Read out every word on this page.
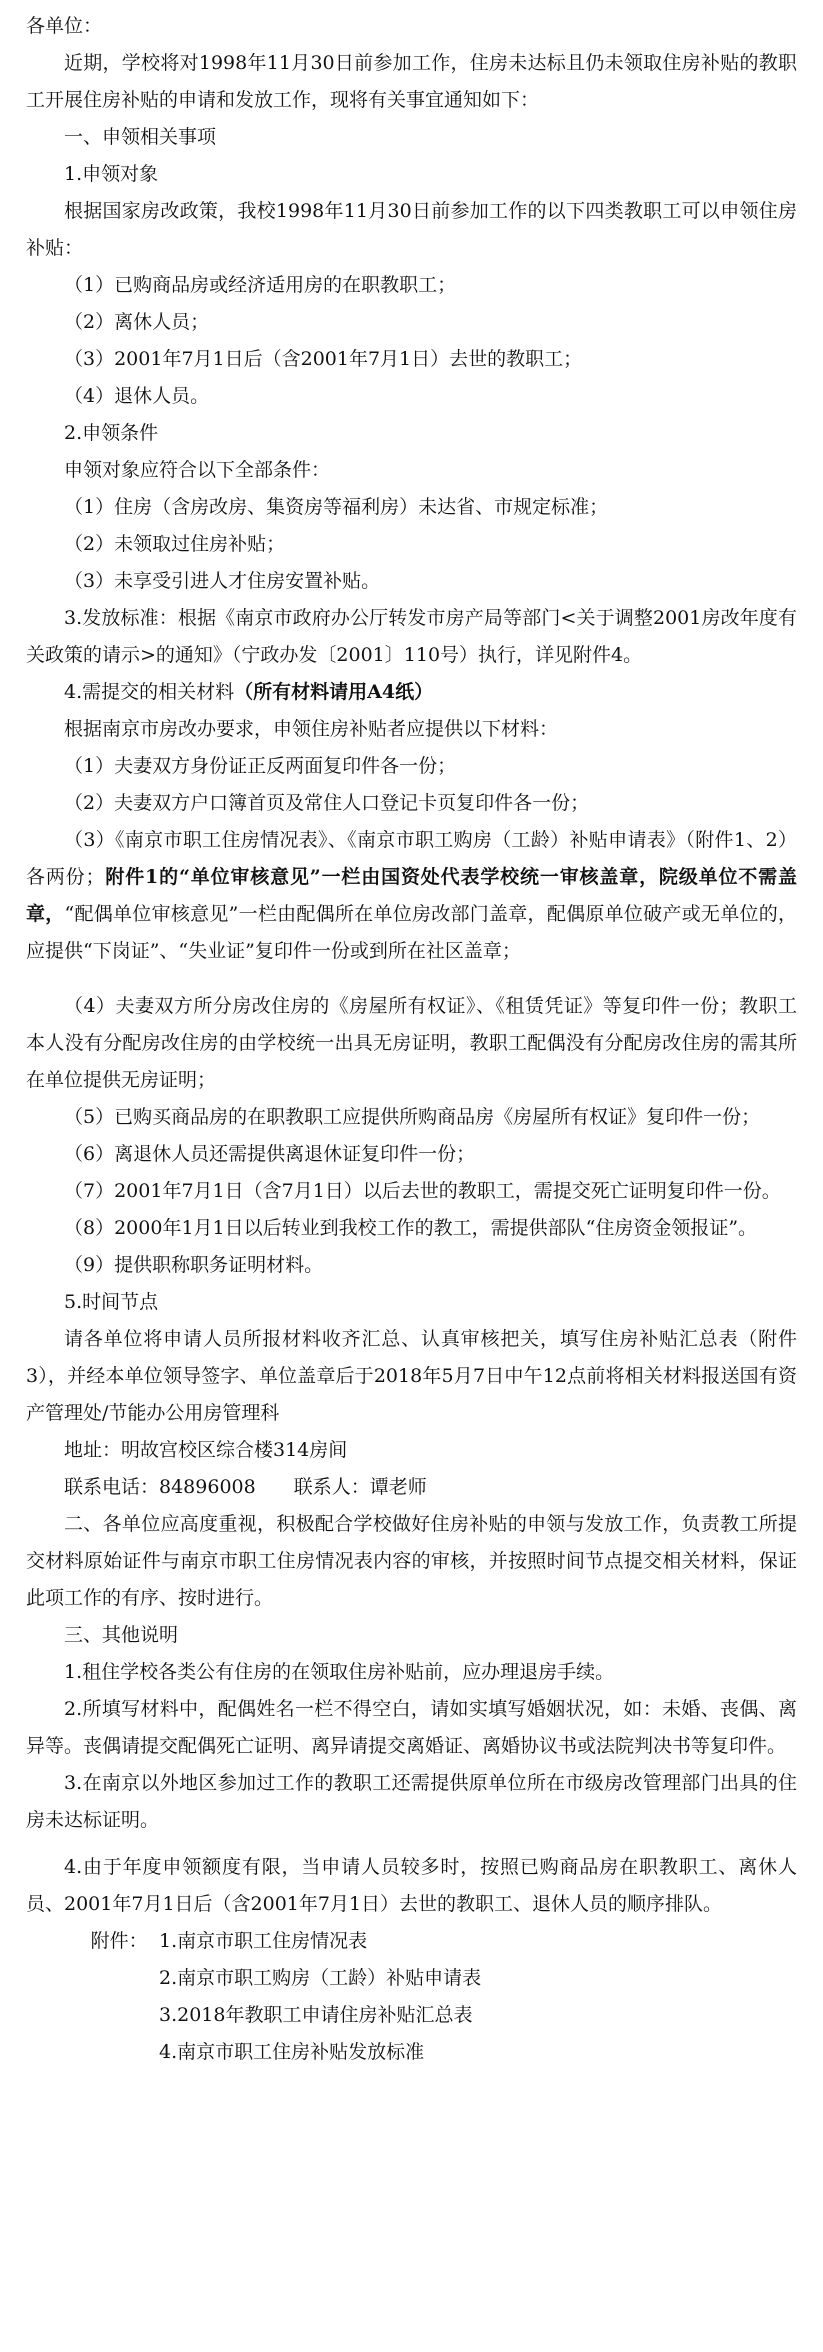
各单位：

近期，学校将对1998年11月30日前参加工作，住房未达标且仍未领取住房补贴的教职工开展住房补贴的申请和发放工作，现将有关事宜通知如下：

一、申领相关事项

1.申领对象

根据国家房改政策，我校1998年11月30日前参加工作的以下四类教职工可以申领住房补贴：

（1）已购商品房或经济适用房的在职教职工；

（2）离休人员；

（3）2001年7月1日后（含2001年7月1日）去世的教职工；

（4）退休人员。

2.申领条件

申领对象应符合以下全部条件：

（1）住房（含房改房、集资房等福利房）未达省、市规定标准；

（2）未领取过住房补贴；

（3）未享受引进人才住房安置补贴。

3.发放标准：根据《南京市政府办公厅转发市房产局等部门<关于调整2001房改年度有关政策的请示>的通知》（宁政办发〔2001〕110号）执行，详见附件4。

4.需提交的相关材料（所有材料请用A4纸）

根据南京市房改办要求，申领住房补贴者应提供以下材料：

（1）夫妻双方身份证正反两面复印件各一份；

（2）夫妻双方户口簿首页及常住人口登记卡页复印件各一份；

（3）《南京市职工住房情况表》、《南京市职工购房（工龄）补贴申请表》（附件1、2）各两份；附件1的“单位审核意见”一栏由国资处代表学校统一审核盖章，院级单位不需盖章，“配偶单位审核意见”一栏由配偶所在单位房改部门盖章，配偶原单位破产或无单位的，应提供“下岗证”、“失业证”复印件一份或到所在社区盖章；

（4）夫妻双方所分房改住房的《房屋所有权证》、《租赁凭证》等复印件一份；教职工本人没有分配房改住房的由学校统一出具无房证明，教职工配偶没有分配房改住房的需其所在单位提供无房证明；

（5）已购买商品房的在职教职工应提供所购商品房《房屋所有权证》复印件一份；

（6）离退休人员还需提供离退休证复印件一份；

（7）2001年7月1日（含7月1日）以后去世的教职工，需提交死亡证明复印件一份。

（8）2000年1月1日以后转业到我校工作的教工，需提供部队“住房资金领报证”。

（9）提供职称职务证明材料。

5.时间节点

请各单位将申请人员所报材料收齐汇总、认真审核把关，填写住房补贴汇总表（附件3），并经本单位领导签字、单位盖章后于2018年5月7日中午12点前将相关材料报送国有资产管理处/节能办公用房管理科

地址：明故宫校区综合楼314房间

联系电话：84896008　　联系人：谭老师

二、各单位应高度重视，积极配合学校做好住房补贴的申领与发放工作，负责教工所提交材料原始证件与南京市职工住房情况表内容的审核，并按照时间节点提交相关材料，保证此项工作的有序、按时进行。

三、其他说明

1.租住学校各类公有住房的在领取住房补贴前，应办理退房手续。

2.所填写材料中，配偶姓名一栏不得空白，请如实填写婚姻状况，如：未婚、丧偶、离异等。丧偶请提交配偶死亡证明、离异请提交离婚证、离婚协议书或法院判决书等复印件。

3.在南京以外地区参加过工作的教职工还需提供原单位所在市级房改管理部门出具的住房未达标证明。

4.由于年度申领额度有限，当申请人员较多时，按照已购商品房在职教职工、离休人员、2001年7月1日后（含2001年7月1日）去世的教职工、退休人员的顺序排队。

附件： 1.南京市职工住房情况表
2.南京市职工购房（工龄）补贴申请表
3.2018年教职工申请住房补贴汇总表
4.南京市职工住房补贴发放标准
